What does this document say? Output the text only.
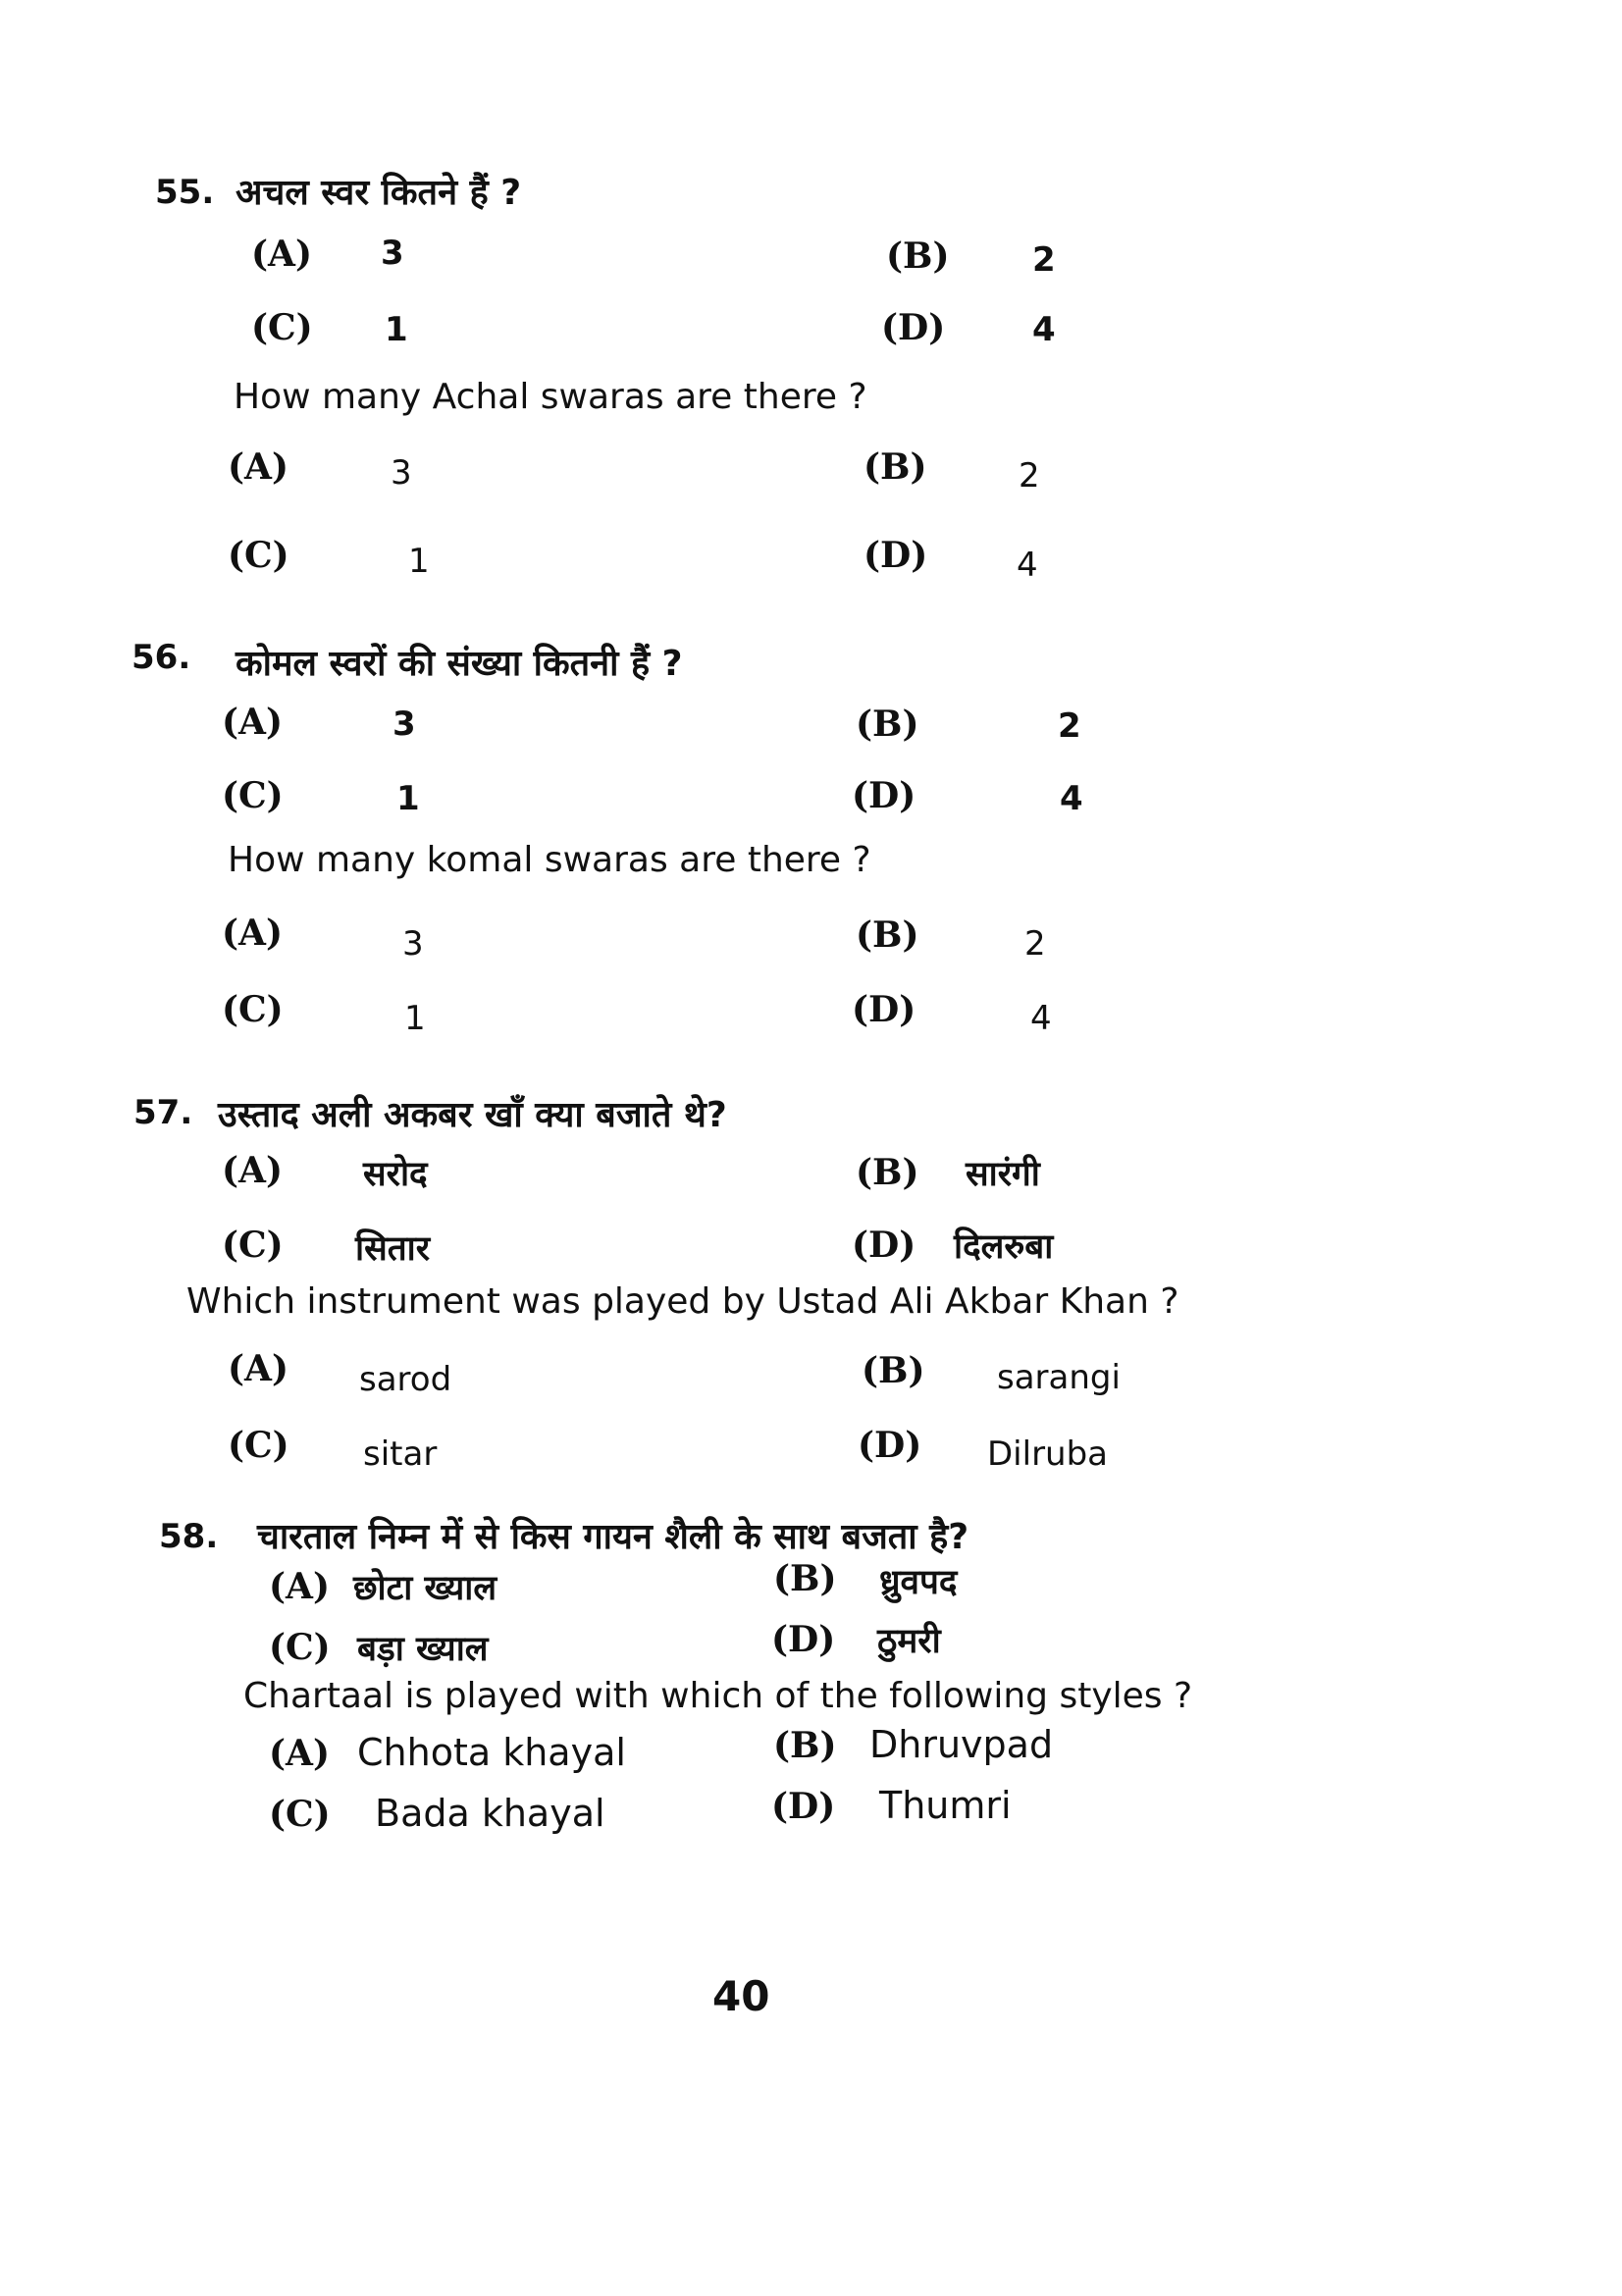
55. अचल स्वर कितने हैं ?
(A) 3	(B) 2
(C) 1	(D)	4
How many Achal swaras are there ?
(A)	3	(B)	2
(C)	1	(D)	4
56. कोमल स्वरों की संख्या कितनी हैं ?
(A)	3	(B)	2
(C)	1	(D)	4
How many komal swaras are there ?
(A)	3	(B)	2
(C)	1	(D)	4
57. उस्ताद अली अकबर खाँ क्या बजाते थे?
(A) सरोद	(B) सारंगी
(C) सितार	(D) दिलरुबा
Which instrument was played by Ustad Ali Akbar Khan ?
(A) sarod	(B) sarangi
(C) sitar	(D) Dilruba
58. चारताल निम्न में से किस गायन शैली के साथ बजता है?
(A) छोटा ख्याल	(B) ध्रुवपद
(C) बड़ा ख्याल	(D) ठुमरी
Chartaal is played with which of the following styles ?
(A) Chhota khayal	(B) Dhruvpad
(C) Bada khayal	(D) Thumri
40
